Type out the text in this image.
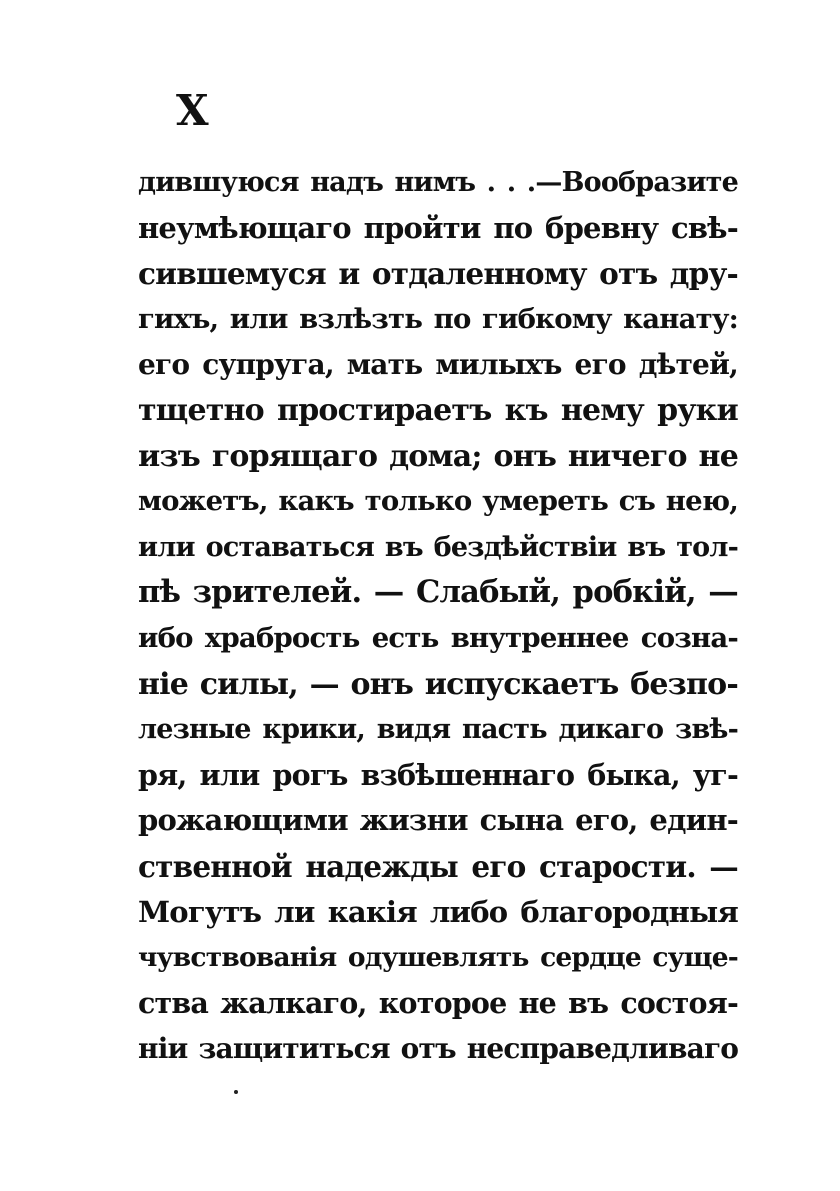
X
дившуюся надъ нимъ . . .—Вообразите
неумѣющаго пройти по бревну свѣ-
сившемуся и отдаленному отъ дру-
гихъ, или взлѣзть по гибкому канату:
его супруга, мать милыхъ его дѣтей,
тщетно простираетъ къ нему руки
изъ горящаго дома; онъ ничего не
можетъ, какъ только умереть съ нею,
или оставаться въ бездѣйствіи въ тол-
пѣ зрителей. — Слабый, робкій, —
ибо храбрость есть внутреннее созна-
ніе силы, — онъ испускаетъ безпо-
лезные крики, видя пасть дикаго звѣ-
ря, или рогъ взбѣшеннаго быка, уг-
рожающими жизни сына его, един-
ственной надежды его старости. —
Могутъ ли какія либо благородныя
чувствованія одушевлять сердце суще-
ства жалкаго, которое не въ состоя-
ніи защититься отъ несправедливаго
